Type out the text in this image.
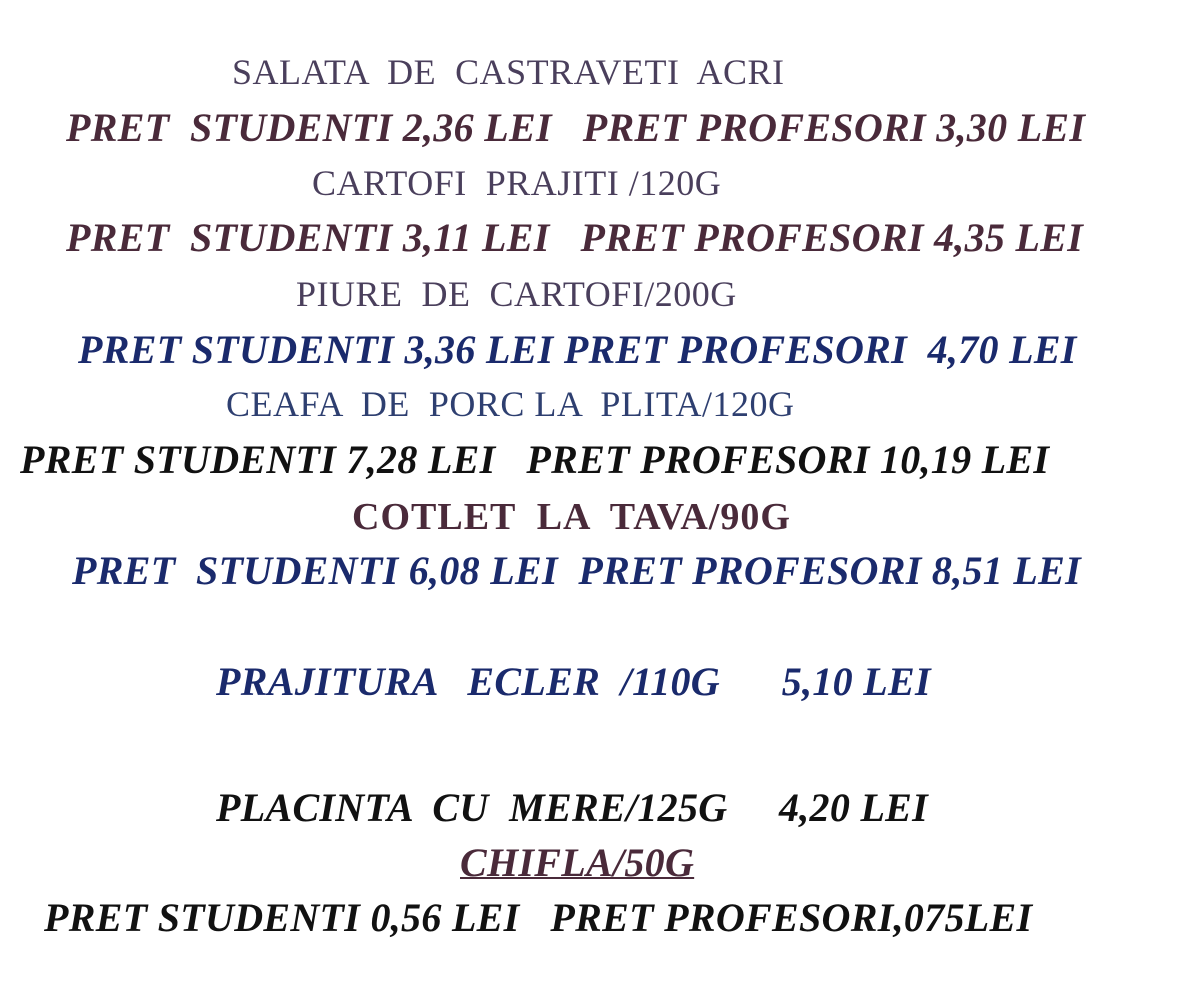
SALATA  DE  CASTRAVETI  ACRI
PRET  STUDENTI 2,36 LEI   PRET PROFESORI 3,30 LEI
CARTOFI  PRAJITI /120G
PRET  STUDENTI 3,11 LEI   PRET PROFESORI 4,35 LEI
PIURE  DE  CARTOFI/200G
PRET STUDENTI 3,36 LEI PRET PROFESORI  4,70 LEI
CEAFA  DE  PORC LA  PLITA/120G
PRET STUDENTI 7,28 LEI   PRET PROFESORI 10,19 LEI
COTLET  LA  TAVA/90G
PRET  STUDENTI 6,08 LEI  PRET PROFESORI 8,51 LEI
PRAJITURA   ECLER  /110G      5,10 LEI
PLACINTA  CU  MERE/125G     4,20 LEI
CHIFLA/50G
PRET STUDENTI 0,56 LEI   PRET PROFESORI,075LEI
